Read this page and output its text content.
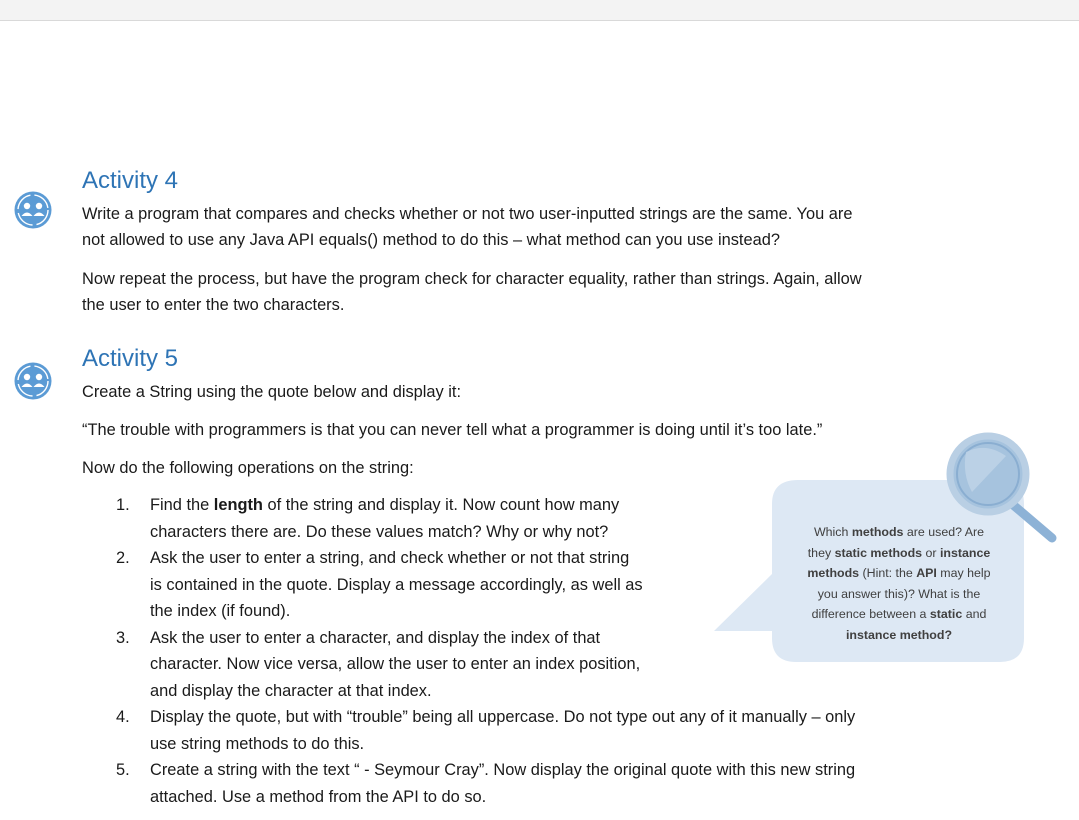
Activity 4

Write a program that compares and checks whether or not two user-inputted strings are the same. You are
not allowed to use any Java API equals() method to do this – what method can you use instead?

Now repeat the process, but have the program check for character equality, rather than strings. Again, allow
the user to enter the two characters.

Activity 5

Create a String using the quote below and display it:

“The trouble with programmers is that you can never tell what a programmer is doing until it’s too late.”

Now do the following operations on the string:

Which methods are used? Are
they static methods or instance
methods (Hint: the API may help
you answer this)? What is the
difference between a static and
instance method?
1. Find the length of the string and display it. Now count how many
characters there are. Do these values match? Why or why not?
2. Ask the user to enter a string, and check whether or not that string
is contained in the quote. Display a message accordingly, as well as
the index (if found).
3. Ask the user to enter a character, and display the index of that
character. Now vice versa, allow the user to enter an index position,
and display the character at that index.
4. Display the quote, but with “trouble” being all uppercase. Do not type out any of it manually – only
use string methods to do this.
5. Create a string with the text “ - Seymour Cray”. Now display the original quote with this new string
attached. Use a method from the API to do so.
